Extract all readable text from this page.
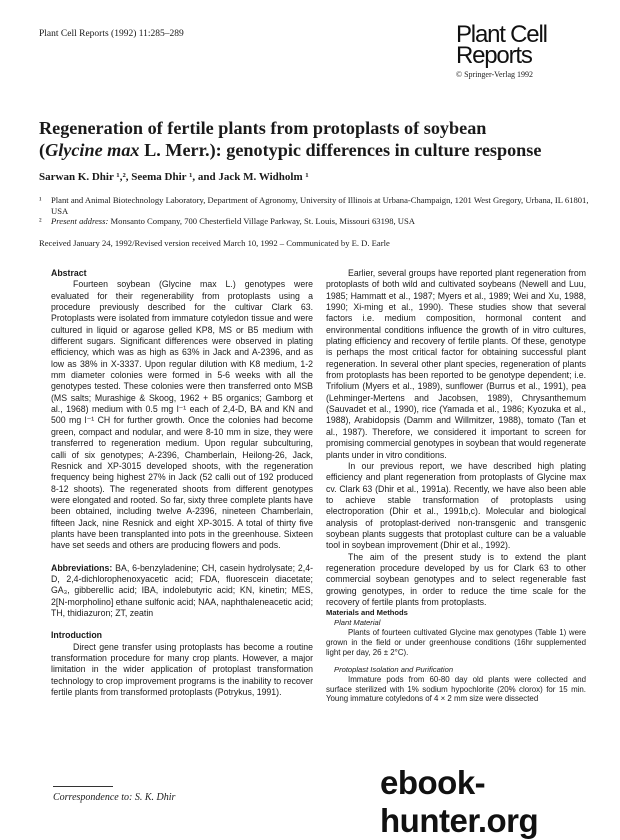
Plant Cell Reports (1992) 11:285–289	Plant Cell
Reports
© Springer-Verlag 1992
Regeneration of fertile plants from protoplasts of soybean
(Glycine max L. Merr.): genotypic differences in culture response
Sarwan K. Dhir ¹,², Seema Dhir ¹, and Jack M. Widholm ¹
¹	Plant and Animal Biotechnology Laboratory, Department of Agronomy, University of Illinois at Urbana-Champaign, 1201 West Gregory, Urbana, IL 61801, USA
²	Present address: Monsanto Company, 700 Chesterfield Village Parkway, St. Louis, Missouri 63198, USA
Received January 24, 1992/Revised version received March 10, 1992 – Communicated by E. D. Earle

Abstract

Fourteen soybean (Glycine max L.) genotypes were evaluated for their regenerability from protoplasts using a procedure previously described for the cultivar Clark 63. Protoplasts were isolated from immature cotyledon tissue and were cultured in liquid or agarose gelled KP8, MS or B5 medium with different sugars. Significant differences were observed in plating efficiency, which was as high as 63% in Jack and A-2396, and as low as 38% in X-3337. Upon regular dilution with K8 medium, 1-2 mm diameter colonies were formed in 5-6 weeks with all the genotypes tested. These colonies were then transferred onto MSB (MS salts; Murashige & Skoog, 1962 + B5 organics; Gamborg et al., 1968) medium with 0.5 mg l⁻¹ each of 2,4-D, BA and KN and 500 mg l⁻¹ CH for further growth. Once the colonies had become green, compact and nodular, and were 8-10 mm in size, they were transferred to regeneration medium. Upon regular subculturing, calli of six genotypes; A-2396, Chamberlain, Heilong-26, Jack, Resnick and XP-3015 developed shoots, with the regeneration frequency being highest 27% in Jack (52 calli out of 192 produced 8-12 shoots). The regenerated shoots from different genotypes were elongated and rooted. So far, sixty three complete plants have been obtained, including twelve A-2396, nineteen Chamberlain, fifteen Jack, nine Resnick and eight XP-3015. A total of thirty five plants have been transplanted into pots in the greenhouse. Sixteen have set seeds and others are producing flowers and pods.

Abbreviations: BA, 6-benzyladenine; CH, casein hydrolysate; 2,4-D, 2,4-dichlorophenoxyacetic acid; FDA, fluorescein diacetate; GA₃, gibberellic acid; IBA, indolebutyric acid; KN, kinetin; MES, 2[N-morpholino] ethane sulfonic acid; NAA, naphthaleneacetic acid; TH, thidiazuron; ZT, zeatin

Introduction

Direct gene transfer using protoplasts has become a routine transformation procedure for many crop plants. However, a major limitation in the wider application of protoplast transformation technology to crop improvement programs is the inability to recover fertile plants from transformed protoplasts (Potrykus, 1991).

Earlier, several groups have reported plant regeneration from protoplasts of both wild and cultivated soybeans (Newell and Luu, 1985; Hammatt et al., 1987; Myers et al., 1989; Wei and Xu, 1988, 1990; Xi-ming et al., 1990). These studies show that several factors i.e. medium composition, hormonal content and environmental conditions influence the growth of in vitro cultures, plating efficiency and recovery of fertile plants. Of these, genotype is perhaps the most critical factor for obtaining successful plant regeneration. In several other plant species, regeneration of plants from protoplasts has been reported to be genotype dependent; i.e. Trifolium (Myers et al., 1989), sunflower (Burrus et al., 1991), pea (Lehminger-Mertens and Jacobsen, 1989), Chrysanthemum (Sauvadet et al., 1990), rice (Yamada et al., 1986; Kyozuka et al., 1988), Arabidopsis (Damm and Willmitzer, 1988), tomato (Tan et al., 1987). Therefore, we considered it important to screen for promising commercial genotypes in soybean that would regenerate plants under in vitro conditions.

In our previous report, we have described high plating efficiency and plant regeneration from protoplasts of Glycine max cv. Clark 63 (Dhir et al., 1991a). Recently, we have also been able to achieve stable transformation of protoplasts using electroporation (Dhir et al., 1991b,c). Molecular and biological analysis of protoplast-derived non-transgenic and transgenic soybean plants suggests that protoplast culture can be a valuable tool in soybean improvement (Dhir et al., 1992).

The aim of the present study is to extend the plant regeneration procedure developed by us for Clark 63 to other commercial soybean genotypes and to select regenerable fast growing genotypes, in order to reduce the time scale for the recovery of fertile plants from protoplasts.

Materials and Methods

Plant Material

Plants of fourteen cultivated Glycine max genotypes (Table 1) were grown in the field or under greenhouse conditions (16hr supplemented light per day, 26 ± 2°C).

Protoplast Isolation and Purification

Immature pods from 60-80 day old plants were collected and surface sterilized with 1% sodium hypochlorite (20% clorox) for 15 min. Young immature cotyledons of 4 × 2 mm size were dissected

Correspondence to: S. K. Dhir	ebook-hunter.org
